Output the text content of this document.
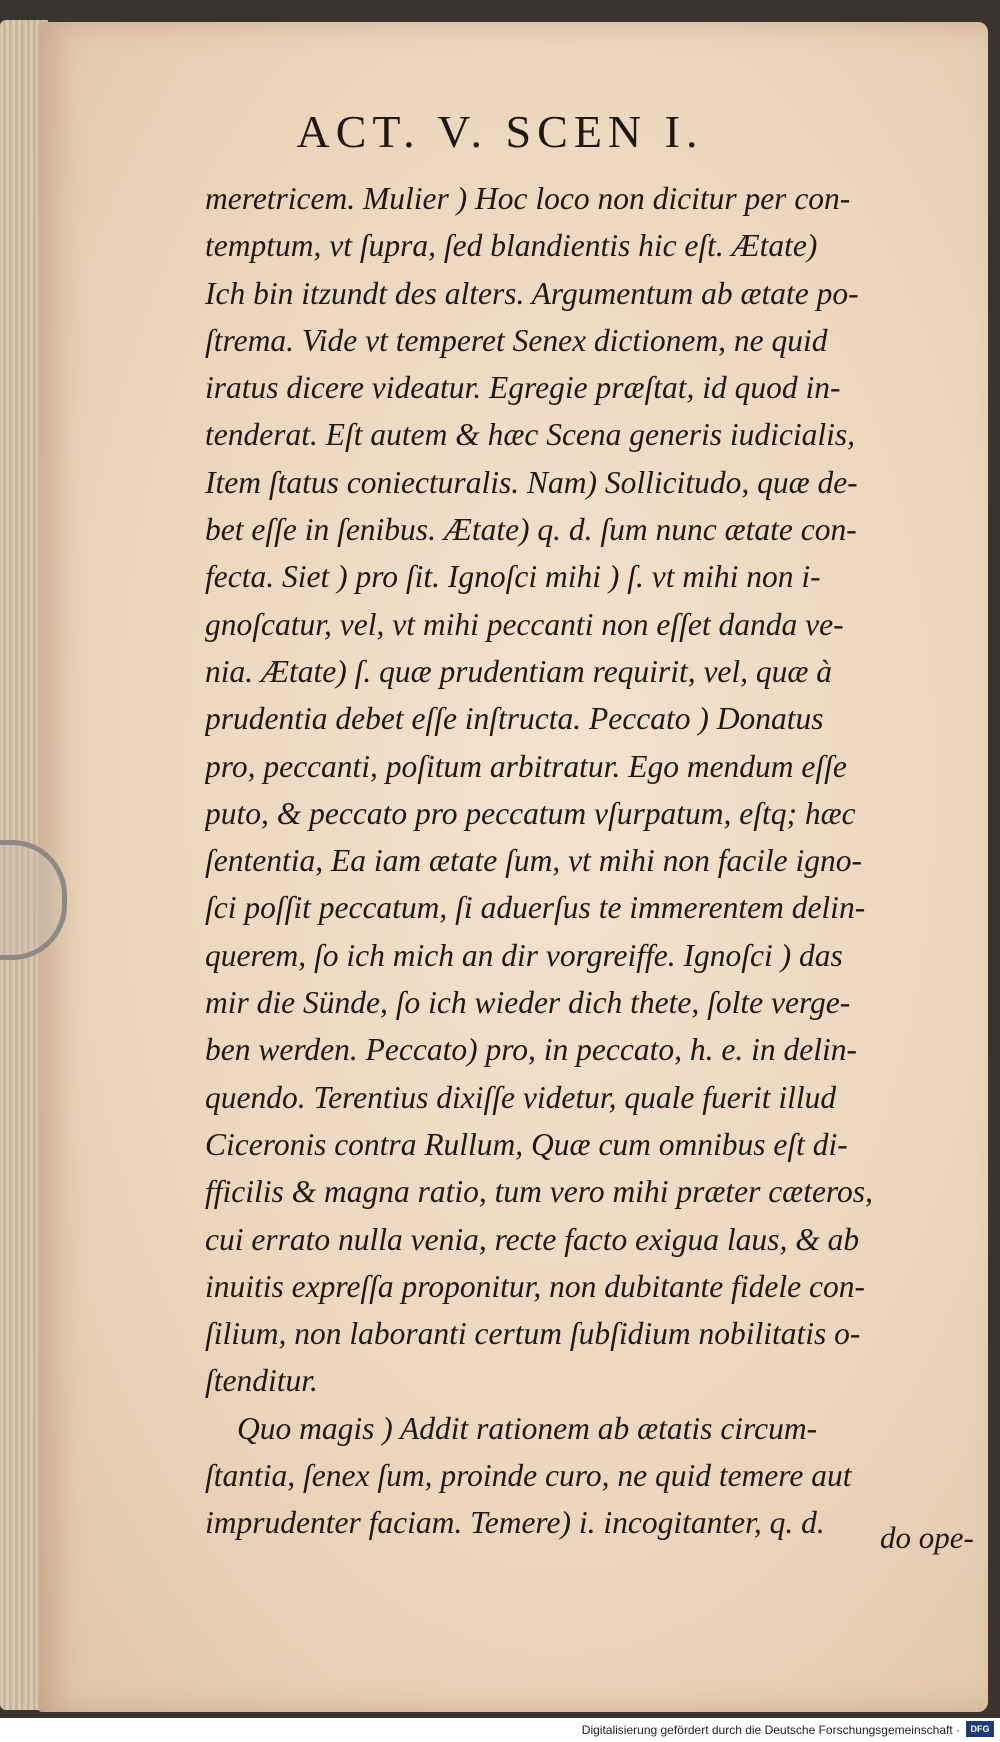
ACT. V. SCEN I.
meretricem. Mulier ) Hoc loco non dicitur per con-
temptum, vt ſupra, ſed blandientis hic eſt. Ætate)
Ich bin itzundt des alters. Argumentum ab ætate po-
ſtrema. Vide vt temperet Senex dictionem, ne quid
iratus dicere videatur. Egregie præſtat, id quod in-
tenderat. Eſt autem & hæc Scena generis iudicialis,
Item ſtatus coniecturalis. Nam) Sollicitudo, quæ de-
bet eſſe in ſenibus. Ætate) q. d. ſum nunc ætate con-
fecta. Siet ) pro ſit. Ignoſci mihi ) ſ. vt mihi non i-
gnoſcatur, vel, vt mihi peccanti non eſſet danda ve-
nia. Ætate) ſ. quæ prudentiam requirit, vel, quæ à
prudentia debet eſſe inſtructa. Peccato ) Donatus
pro, peccanti, poſitum arbitratur. Ego mendum eſſe
puto, & peccato pro peccatum vſurpatum, eſtq; hæc
ſententia, Ea iam ætate ſum, vt mihi non facile igno-
ſci poſſit peccatum, ſi aduerſus te immerentem delin-
querem, ſo ich mich an dir vorgreiffe. Ignoſci ) das
mir die Sünde, ſo ich wieder dich thete, ſolte verge-
ben werden. Peccato) pro, in peccato, h. e. in delin-
quendo. Terentius dixiſſe videtur, quale fuerit illud
Ciceronis contra Rullum, Quæ cum omnibus eſt di-
fficilis & magna ratio, tum vero mihi præter cæteros,
cui errato nulla venia, recte facto exigua laus, & ab
inuitis expreſſa proponitur, non dubitante fidele con-
ſilium, non laboranti certum ſubſidium nobilitatis o-
ſtenditur.
Quo magis ) Addit rationem ab ætatis circum-
ſtantia, ſenex ſum, proinde curo, ne quid temere aut
imprudenter faciam. Temere) i. incogitanter, q. d.	do ope-
Digitalisierung gefördert durch die Deutsche Forschungsgemeinschaft ·	DFG
